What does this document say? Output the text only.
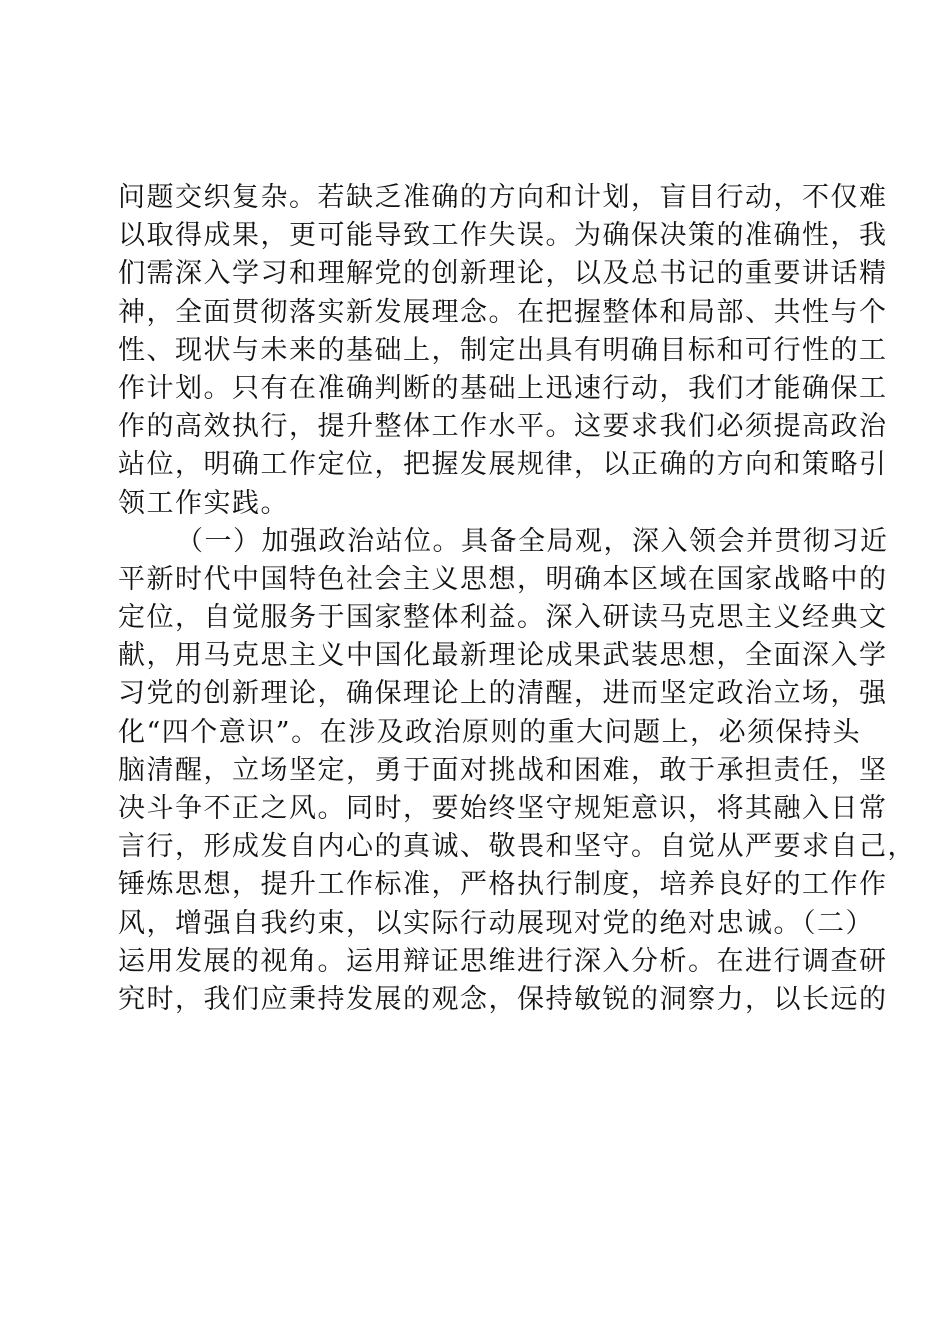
问题交织复杂。若缺乏准确的方向和计划，盲目行动，不仅难
以取得成果，更可能导致工作失误。为确保决策的准确性，我
们需深入学习和理解党的创新理论，以及总书记的重要讲话精
神，全面贯彻落实新发展理念。在把握整体和局部、共性与个
性、现状与未来的基础上，制定出具有明确目标和可行性的工
作计划。只有在准确判断的基础上迅速行动，我们才能确保工
作的高效执行，提升整体工作水平。这要求我们必须提高政治
站位，明确工作定位，把握发展规律，以正确的方向和策略引
领工作实践。
（一）加强政治站位。具备全局观，深入领会并贯彻习近
平新时代中国特色社会主义思想，明确本区域在国家战略中的
定位，自觉服务于国家整体利益。深入研读马克思主义经典文
献，用马克思主义中国化最新理论成果武装思想，全面深入学
习党的创新理论，确保理论上的清醒，进而坚定政治立场，强
化“四个意识”。在涉及政治原则的重大问题上，必须保持头
脑清醒，立场坚定，勇于面对挑战和困难，敢于承担责任，坚
决斗争不正之风。同时，要始终坚守规矩意识，将其融入日常
言行，形成发自内心的真诚、敬畏和坚守。自觉从严要求自己，
锤炼思想，提升工作标准，严格执行制度，培养良好的工作作
风，增强自我约束，以实际行动展现对党的绝对忠诚。（二）
运用发展的视角。运用辩证思维进行深入分析。在进行调查研
究时，我们应秉持发展的观念，保持敏锐的洞察力，以长远的
